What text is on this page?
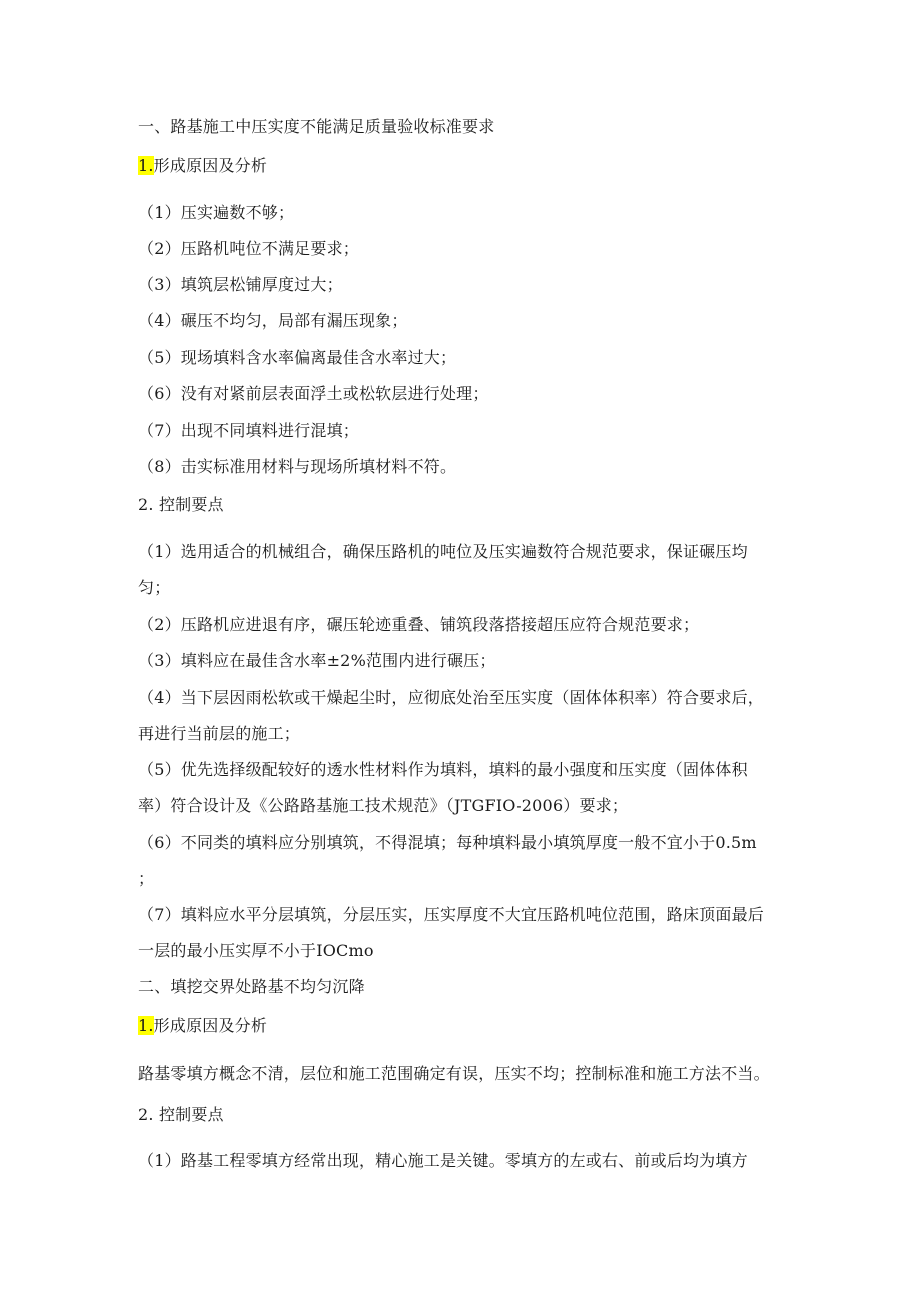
一、路基施工中压实度不能满足质量验收标准要求
1.形成原因及分析
（1）压实遍数不够；
（2）压路机吨位不满足要求；
（3）填筑层松铺厚度过大；
（4）碾压不均匀，局部有漏压现象；
（5）现场填料含水率偏离最佳含水率过大；
（6）没有对紧前层表面浮土或松软层进行处理；
（7）出现不同填料进行混填；
（8）击实标准用材料与现场所填材料不符。
2. 控制要点
（1）选用适合的机械组合，确保压路机的吨位及压实遍数符合规范要求，保证碾压均
匀；
（2）压路机应进退有序，碾压轮迹重叠、铺筑段落搭接超压应符合规范要求；
（3）填料应在最佳含水率±2%范围内进行碾压；
（4）当下层因雨松软或干燥起尘时，应彻底处治至压实度（固体体积率）符合要求后，
再进行当前层的施工；
（5）优先选择级配较好的透水性材料作为填料，填料的最小强度和压实度（固体体积
率）符合设计及《公路路基施工技术规范》（JTGFIO-2006）要求；
（6）不同类的填料应分别填筑，不得混填；每种填料最小填筑厚度一般不宜小于0.5m
；
（7）填料应水平分层填筑，分层压实，压实厚度不大宜压路机吨位范围，路床顶面最后
一层的最小压实厚不小于IOCmo
二、填挖交界处路基不均匀沉降
1.形成原因及分析
路基零填方概念不清，层位和施工范围确定有误，压实不均；控制标准和施工方法不当。
2. 控制要点
（1）路基工程零填方经常出现，精心施工是关键。零填方的左或右、前或后均为填方
